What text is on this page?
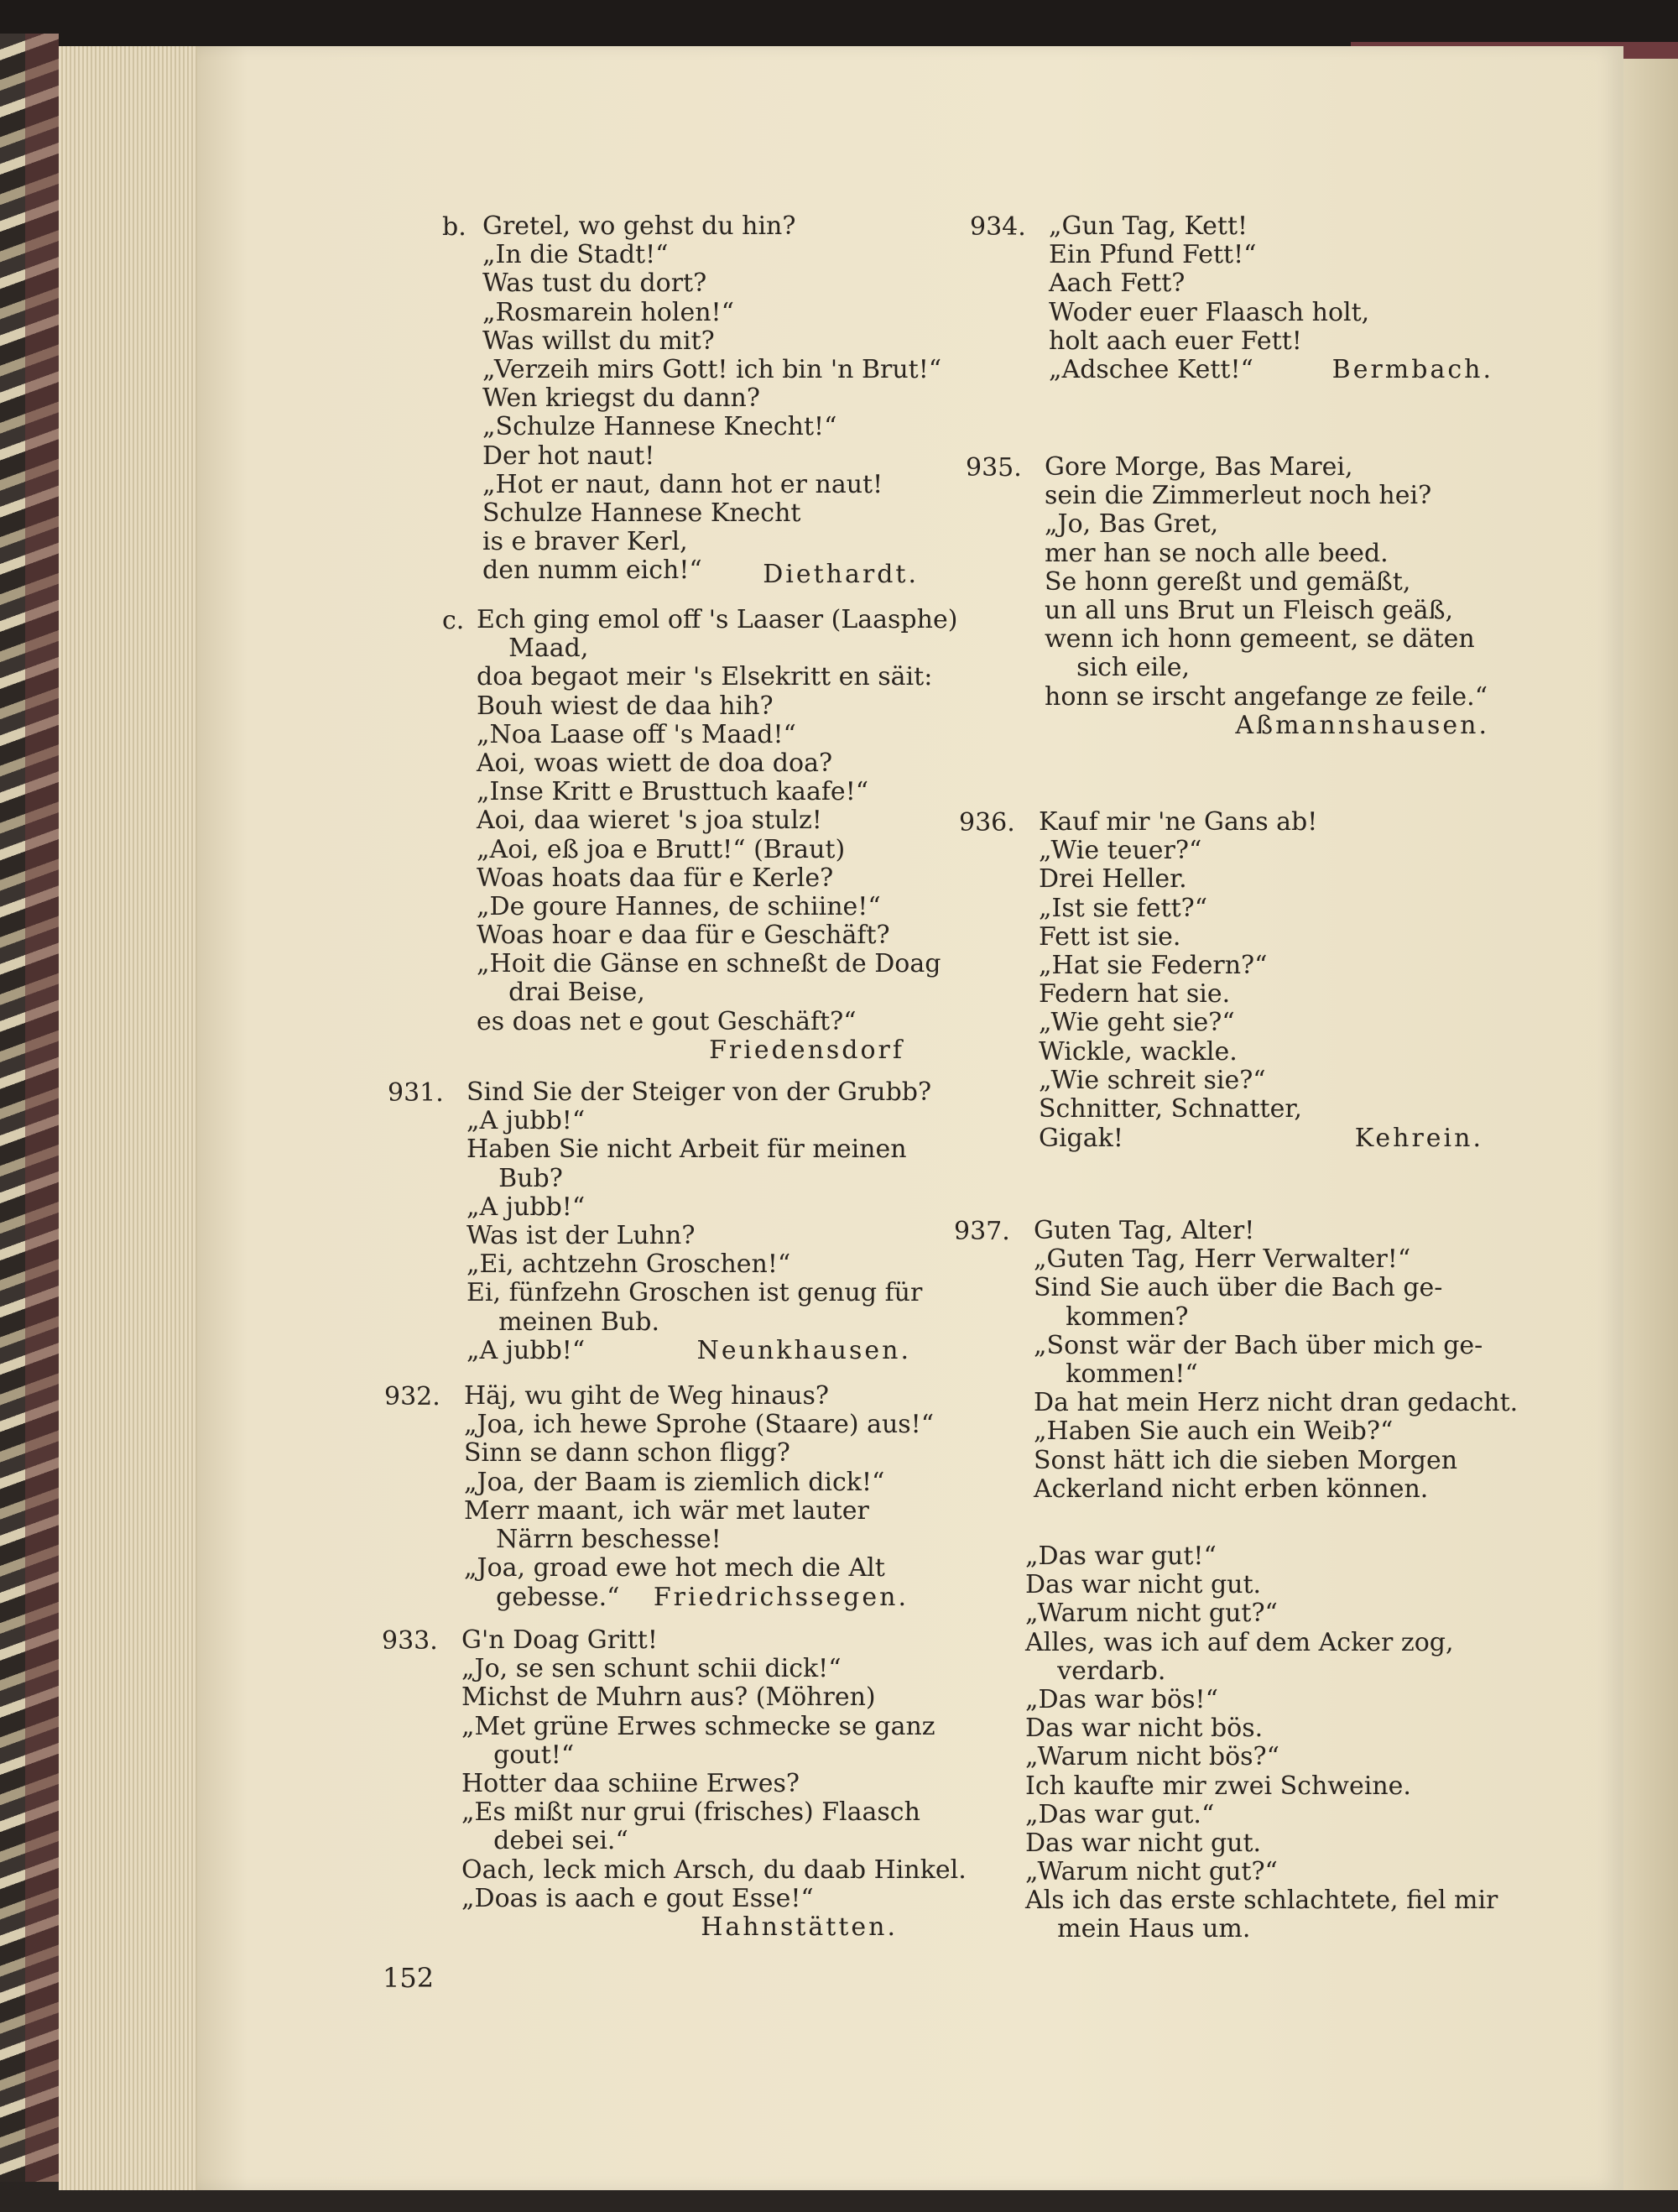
b. Gretel, wo gehst du hin?
„In die Stadt!“
Was tust du dort?
„Rosmarein holen!“
Was willst du mit?
„Verzeih mirs Gott! ich bin 'n Brut!“
Wen kriegst du dann?
„Schulze Hannese Knecht!“
Der hot naut!
„Hot er naut, dann hot er naut!
Schulze Hannese Knecht
is e braver Kerl,
den numm eich!“	Diethardt.
c. Ech ging emol off 's Laaser (Laasphe)
Maad,
doa begaot meir 's Elsekritt en säit:
Bouh wiest de daa hih?
„Noa Laase off 's Maad!“
Aoi, woas wiett de doa doa?
„Inse Kritt e Brusttuch kaafe!“
Aoi, daa wieret 's joa stulz!
„Aoi, eß joa e Brutt!“ (Braut)
Woas hoats daa für e Kerle?
„De goure Hannes, de schiine!“
Woas hoar e daa für e Geschäft?
„Hoit die Gänse en schneßt de Doag
drai Beise,
es doas net e gout Geschäft?“
Friedensdorf
931. Sind Sie der Steiger von der Grubb?
„A jubb!“
Haben Sie nicht Arbeit für meinen
Bub?
„A jubb!“
Was ist der Luhn?
„Ei, achtzehn Groschen!“
Ei, fünfzehn Groschen ist genug für
meinen Bub.
„A jubb!“	Neunkhausen.
932. Häj, wu giht de Weg hinaus?
„Joa, ich hewe Sprohe (Staare) aus!“
Sinn se dann schon fligg?
„Joa, der Baam is ziemlich dick!“
Merr maant, ich wär met lauter
Närrn beschesse!
„Joa, groad ewe hot mech die Alt
gebesse.“ Friedrichssegen.
933. G'n Doag Gritt!
„Jo, se sen schunt schii dick!“
Michst de Muhrn aus? (Möhren)
„Met grüne Erwes schmecke se ganz
gout!“
Hotter daa schiine Erwes?
„Es mißt nur grui (frisches) Flaasch
debei sei.“
Oach, leck mich Arsch, du daab Hinkel.
„Doas is aach e gout Esse!“
Hahnstätten.
152
934. „Gun Tag, Kett!
Ein Pfund Fett!“
Aach Fett?
Woder euer Flaasch holt,
holt aach euer Fett!
„Adschee Kett!“	Bermbach.
935. Gore Morge, Bas Marei,
sein die Zimmerleut noch hei?
„Jo, Bas Gret,
mer han se noch alle beed.
Se honn gereßt und gemäßt,
un all uns Brut un Fleisch geäß,
wenn ich honn gemeent, se däten
sich eile,
honn se irscht angefange ze feile.“
Aßmannshausen.
936. Kauf mir 'ne Gans ab!
„Wie teuer?“
Drei Heller.
„Ist sie fett?“
Fett ist sie.
„Hat sie Federn?“
Federn hat sie.
„Wie geht sie?“
Wickle, wackle.
„Wie schreit sie?“
Schnitter, Schnatter,
Gigak!	Kehrein.
937. Guten Tag, Alter!
„Guten Tag, Herr Verwalter!“
Sind Sie auch über die Bach ge-
kommen?
„Sonst wär der Bach über mich ge-
kommen!“
Da hat mein Herz nicht dran gedacht.
„Haben Sie auch ein Weib?“
Sonst hätt ich die sieben Morgen
Ackerland nicht erben können.
„Das war gut!“
Das war nicht gut.
„Warum nicht gut?“
Alles, was ich auf dem Acker zog,
verdarb.
„Das war bös!“
Das war nicht bös.
„Warum nicht bös?“
Ich kaufte mir zwei Schweine.
„Das war gut.“
Das war nicht gut.
„Warum nicht gut?“
Als ich das erste schlachtete, fiel mir
mein Haus um.
